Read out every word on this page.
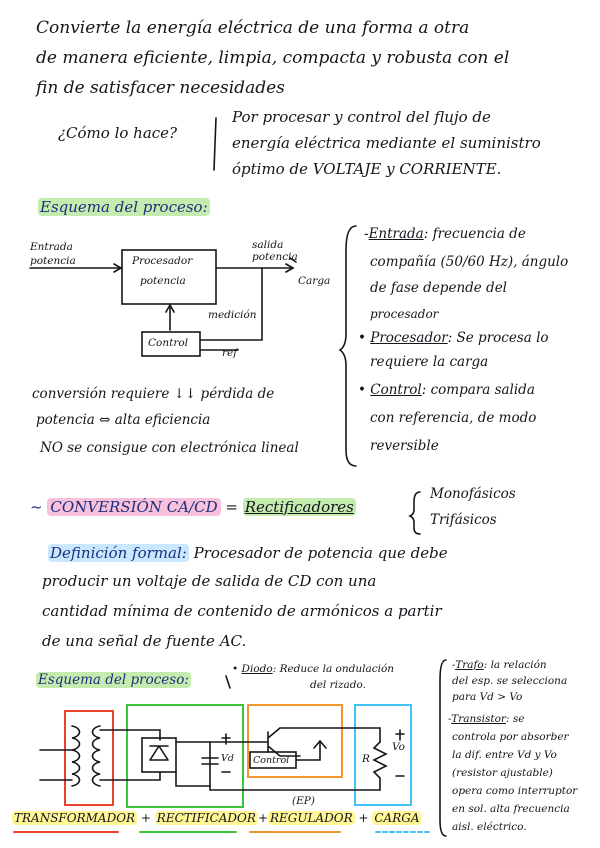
Convierte la energía eléctrica de una forma a otra
de manera eficiente, limpia, compacta y robusta con el
fin de satisfacer necesidades
¿Cómo lo hace?
Por procesar y control del flujo de
energía eléctrica mediante el suministro
óptimo de VOLTAJE y CORRIENTE.
Esquema del proceso:
Entrada
potencia	Procesador
potencia
salida
potencia
Carga
medición
Control
ref
conversión requiere ↓↓ pérdida de
potencia ⇔ alta eficiencia
NO se consigue con electrónica lineal
-Entrada: frecuencia de
compañía (50/60 Hz), ángulo
de fase depende del
procesador
• Procesador: Se procesa lo
requiere la carga
• Control: compara salida
con referencia, de modo
reversible
~ CONVERSIÓN CA/CD = Rectificadores
Monofásicos
Trifásicos
Definición formal: Procesador de potencia que debe
producir un voltaje de salida de CD con una
cantidad mínima de contenido de armónicos a partir
de una señal de fuente AC.
Esquema del proceso:
• Diodo: Reduce la ondulación
del rizado.
Vd Control	R
Vo
(EP)
TRANSFORMADOR + RECTIFICADOR + REGULADOR + CARGA
-Trafo: la relación
del esp. se selecciona
para Vd > Vo
-Transistor: se
controla por absorber
la dif. entre Vd y Vo
(resistor ajustable)
opera como interruptor
en sol. alta frecuencia
aisl. eléctrico.
